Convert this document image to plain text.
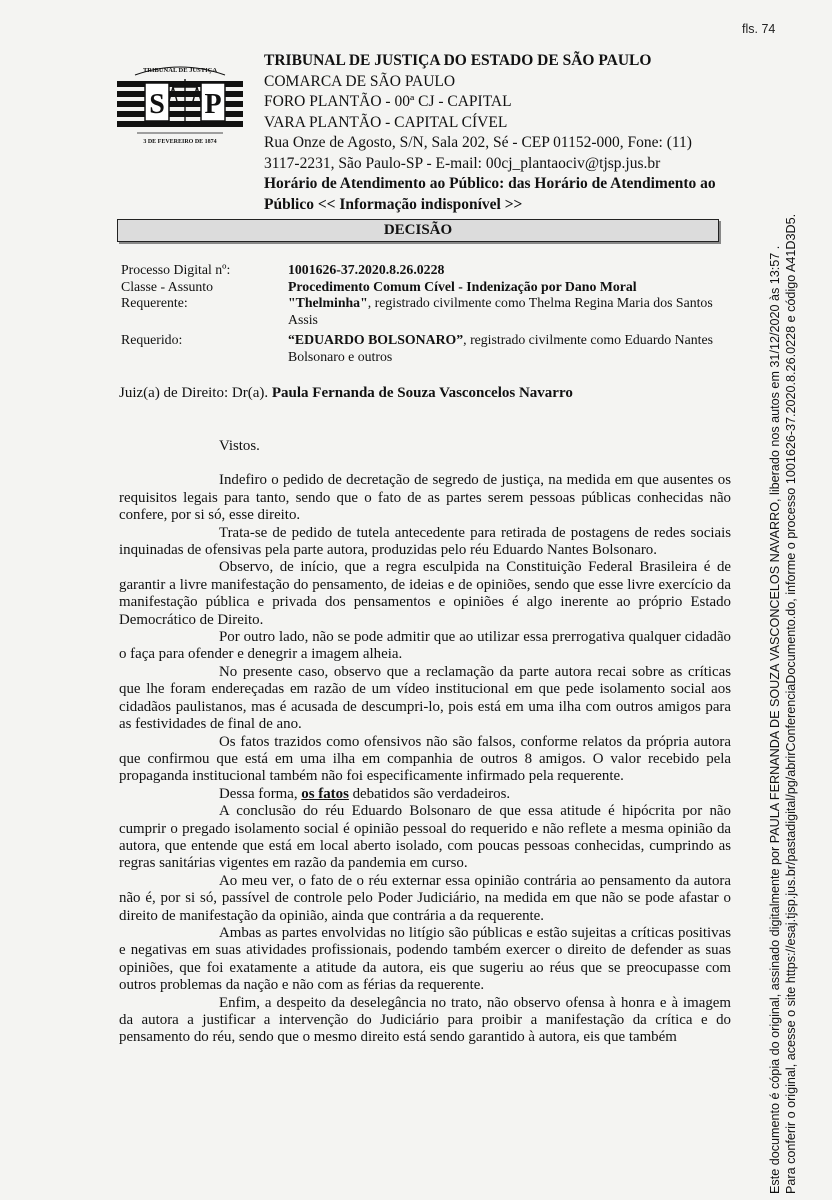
fls. 74
TRIBUNAL DE JUSTIÇA
S P
3 DE FEVEREIRO DE 1874
TRIBUNAL DE JUSTIÇA DO ESTADO DE SÃO PAULO
COMARCA DE SÃO PAULO
FORO PLANTÃO - 00ª CJ - CAPITAL
VARA PLANTÃO - CAPITAL CÍVEL
Rua Onze de Agosto, S/N, Sala 202, Sé - CEP 01152-000, Fone: (11)
3117-2231, São Paulo-SP - E-mail: 00cj_plantaociv@tjsp.jus.br
Horário de Atendimento ao Público: das Horário de Atendimento ao
Público << Informação indisponível >>
DECISÃO
Processo Digital nº:	1001626-37.2020.8.26.0228
Classe - Assunto	Procedimento Comum Cível - Indenização por Dano Moral
Requerente:	"Thelminha", registrado civilmente como Thelma Regina Maria dos Santos Assis
Requerido:	“EDUARDO BOLSONARO”, registrado civilmente como Eduardo Nantes Bolsonaro e outros
Juiz(a) de Direito: Dr(a). Paula Fernanda de Souza Vasconcelos Navarro

Vistos.

Indefiro o pedido de decretação de segredo de justiça, na medida em que ausentes os requisitos legais para tanto, sendo que o fato de as partes serem pessoas públicas conhecidas não confere, por si só, esse direito.

Trata-se de pedido de tutela antecedente para retirada de postagens de redes sociais inquinadas de ofensivas pela parte autora, produzidas pelo réu Eduardo Nantes Bolsonaro.

Observo, de início, que a regra esculpida na Constituição Federal Brasileira é de garantir a livre manifestação do pensamento, de ideias e de opiniões, sendo que esse livre exercício da manifestação pública e privada dos pensamentos e opiniões é algo inerente ao próprio Estado Democrático de Direito.

Por outro lado, não se pode admitir que ao utilizar essa prerrogativa qualquer cidadão o faça para ofender e denegrir a imagem alheia.

No presente caso, observo que a reclamação da parte autora recai sobre as críticas que lhe foram endereçadas em razão de um vídeo institucional em que pede isolamento social aos cidadãos paulistanos, mas é acusada de descumpri-lo, pois está em uma ilha com outros amigos para as festividades de final de ano.

Os fatos trazidos como ofensivos não são falsos, conforme relatos da própria autora que confirmou que está em uma ilha em companhia de outros 8 amigos. O valor recebido pela propaganda institucional também não foi especificamente infirmado pela requerente.

Dessa forma, os fatos debatidos são verdadeiros.

A conclusão do réu Eduardo Bolsonaro de que essa atitude é hipócrita por não cumprir o pregado isolamento social é opinião pessoal do requerido e não reflete a mesma opinião da autora, que entende que está em local aberto isolado, com poucas pessoas conhecidas, cumprindo as regras sanitárias vigentes em razão da pandemia em curso.

Ao meu ver, o fato de o réu externar essa opinião contrária ao pensamento da autora não é, por si só, passível de controle pelo Poder Judiciário, na medida em que não se pode afastar o direito de manifestação da opinião, ainda que contrária a da requerente.

Ambas as partes envolvidas no litígio são públicas e estão sujeitas a críticas positivas e negativas em suas atividades profissionais, podendo também exercer o direito de defender as suas opiniões, que foi exatamente a atitude da autora, eis que sugeriu ao réus que se preocupasse com outros problemas da nação e não com as férias da requerente.

Enfim, a despeito da deselegância no trato, não observo ofensa à honra e à imagem da autora a justificar a intervenção do Judiciário para proibir a manifestação da crítica e do pensamento do réu, sendo que o mesmo direito está sendo garantido à autora, eis que também	Este documento é cópia do original, assinado digitalmente por PAULA FERNANDA DE SOUZA VASCONCELOS NAVARRO, liberado nos autos em 31/12/2020 às 13:57 . Para conferir o original, acesse o site https://esaj.tjsp.jus.br/pastadigital/pg/abrirConferenciaDocumento.do, informe o processo 1001626-37.2020.8.26.0228 e código A41D3D5.
